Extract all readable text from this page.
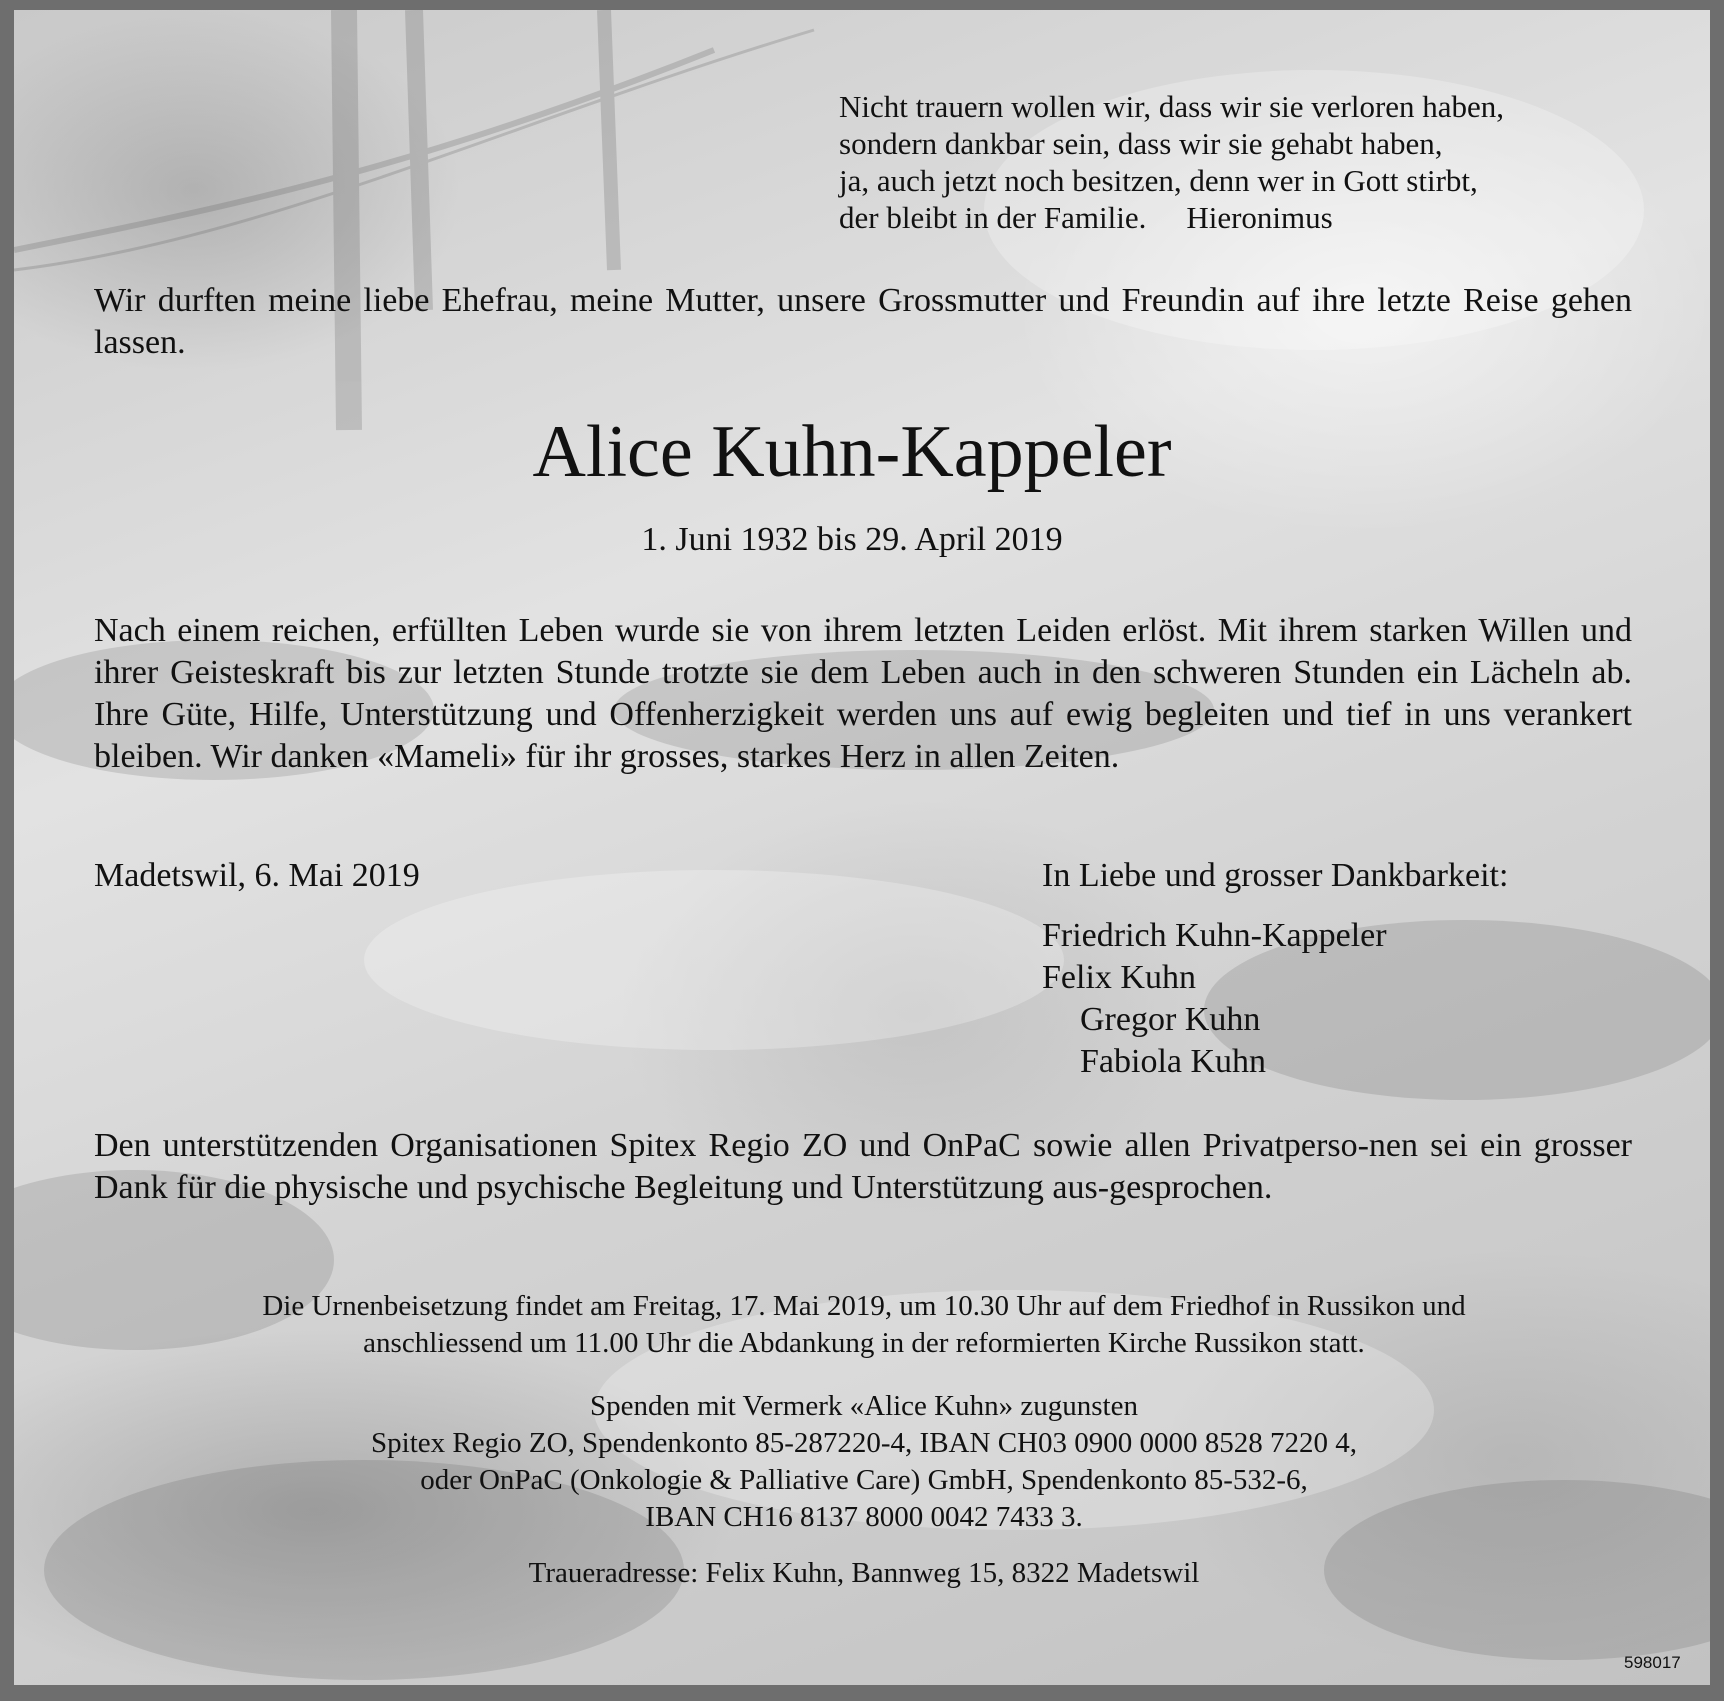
Nicht trauern wollen wir, dass wir sie verloren haben,
sondern dankbar sein, dass wir sie gehabt haben,
ja, auch jetzt noch besitzen, denn wer in Gott stirbt,
der bleibt in der Familie. Hieronimus

Wir durften meine liebe Ehefrau, meine Mutter, unsere Grossmutter und Freundin auf ihre letzte Reise gehen lassen.

Alice Kuhn-Kappeler
1. Juni 1932 bis 29. April 2019

Nach einem reichen, erfüllten Leben wurde sie von ihrem letzten Leiden erlöst. Mit ihrem starken Willen und ihrer Geisteskraft bis zur letzten Stunde trotzte sie dem Leben auch in den schweren Stunden ein Lächeln ab. Ihre Güte, Hilfe, Unterstützung und Offenherzigkeit werden uns auf ewig begleiten und tief in uns verankert bleiben. Wir danken «Mameli» für ihr grosses, starkes Herz in allen Zeiten.

Madetswil, 6. Mai 2019	In Liebe und grosser Dankbarkeit:
Friedrich Kuhn-Kappeler
Felix Kuhn
Gregor Kuhn
Fabiola Kuhn

Den unterstützenden Organisationen Spitex Regio ZO und OnPaC sowie allen Privatperso-nen sei ein grosser Dank für die physische und psychische Begleitung und Unterstützung aus-gesprochen.

Die Urnenbeisetzung findet am Freitag, 17. Mai 2019, um 10.30 Uhr auf dem Friedhof in Russikon und
anschliessend um 11.00 Uhr die Abdankung in der reformierten Kirche Russikon statt.
Spenden mit Vermerk «Alice Kuhn» zugunsten
Spitex Regio ZO, Spendenkonto 85-287220-4, IBAN CH03 0900 0000 8528 7220 4,
oder OnPaC (Onkologie & Palliative Care) GmbH, Spendenkonto 85-532-6,
IBAN CH16 8137 8000 0042 7433 3.
Traueradresse: Felix Kuhn, Bannweg 15, 8322 Madetswil
598017
